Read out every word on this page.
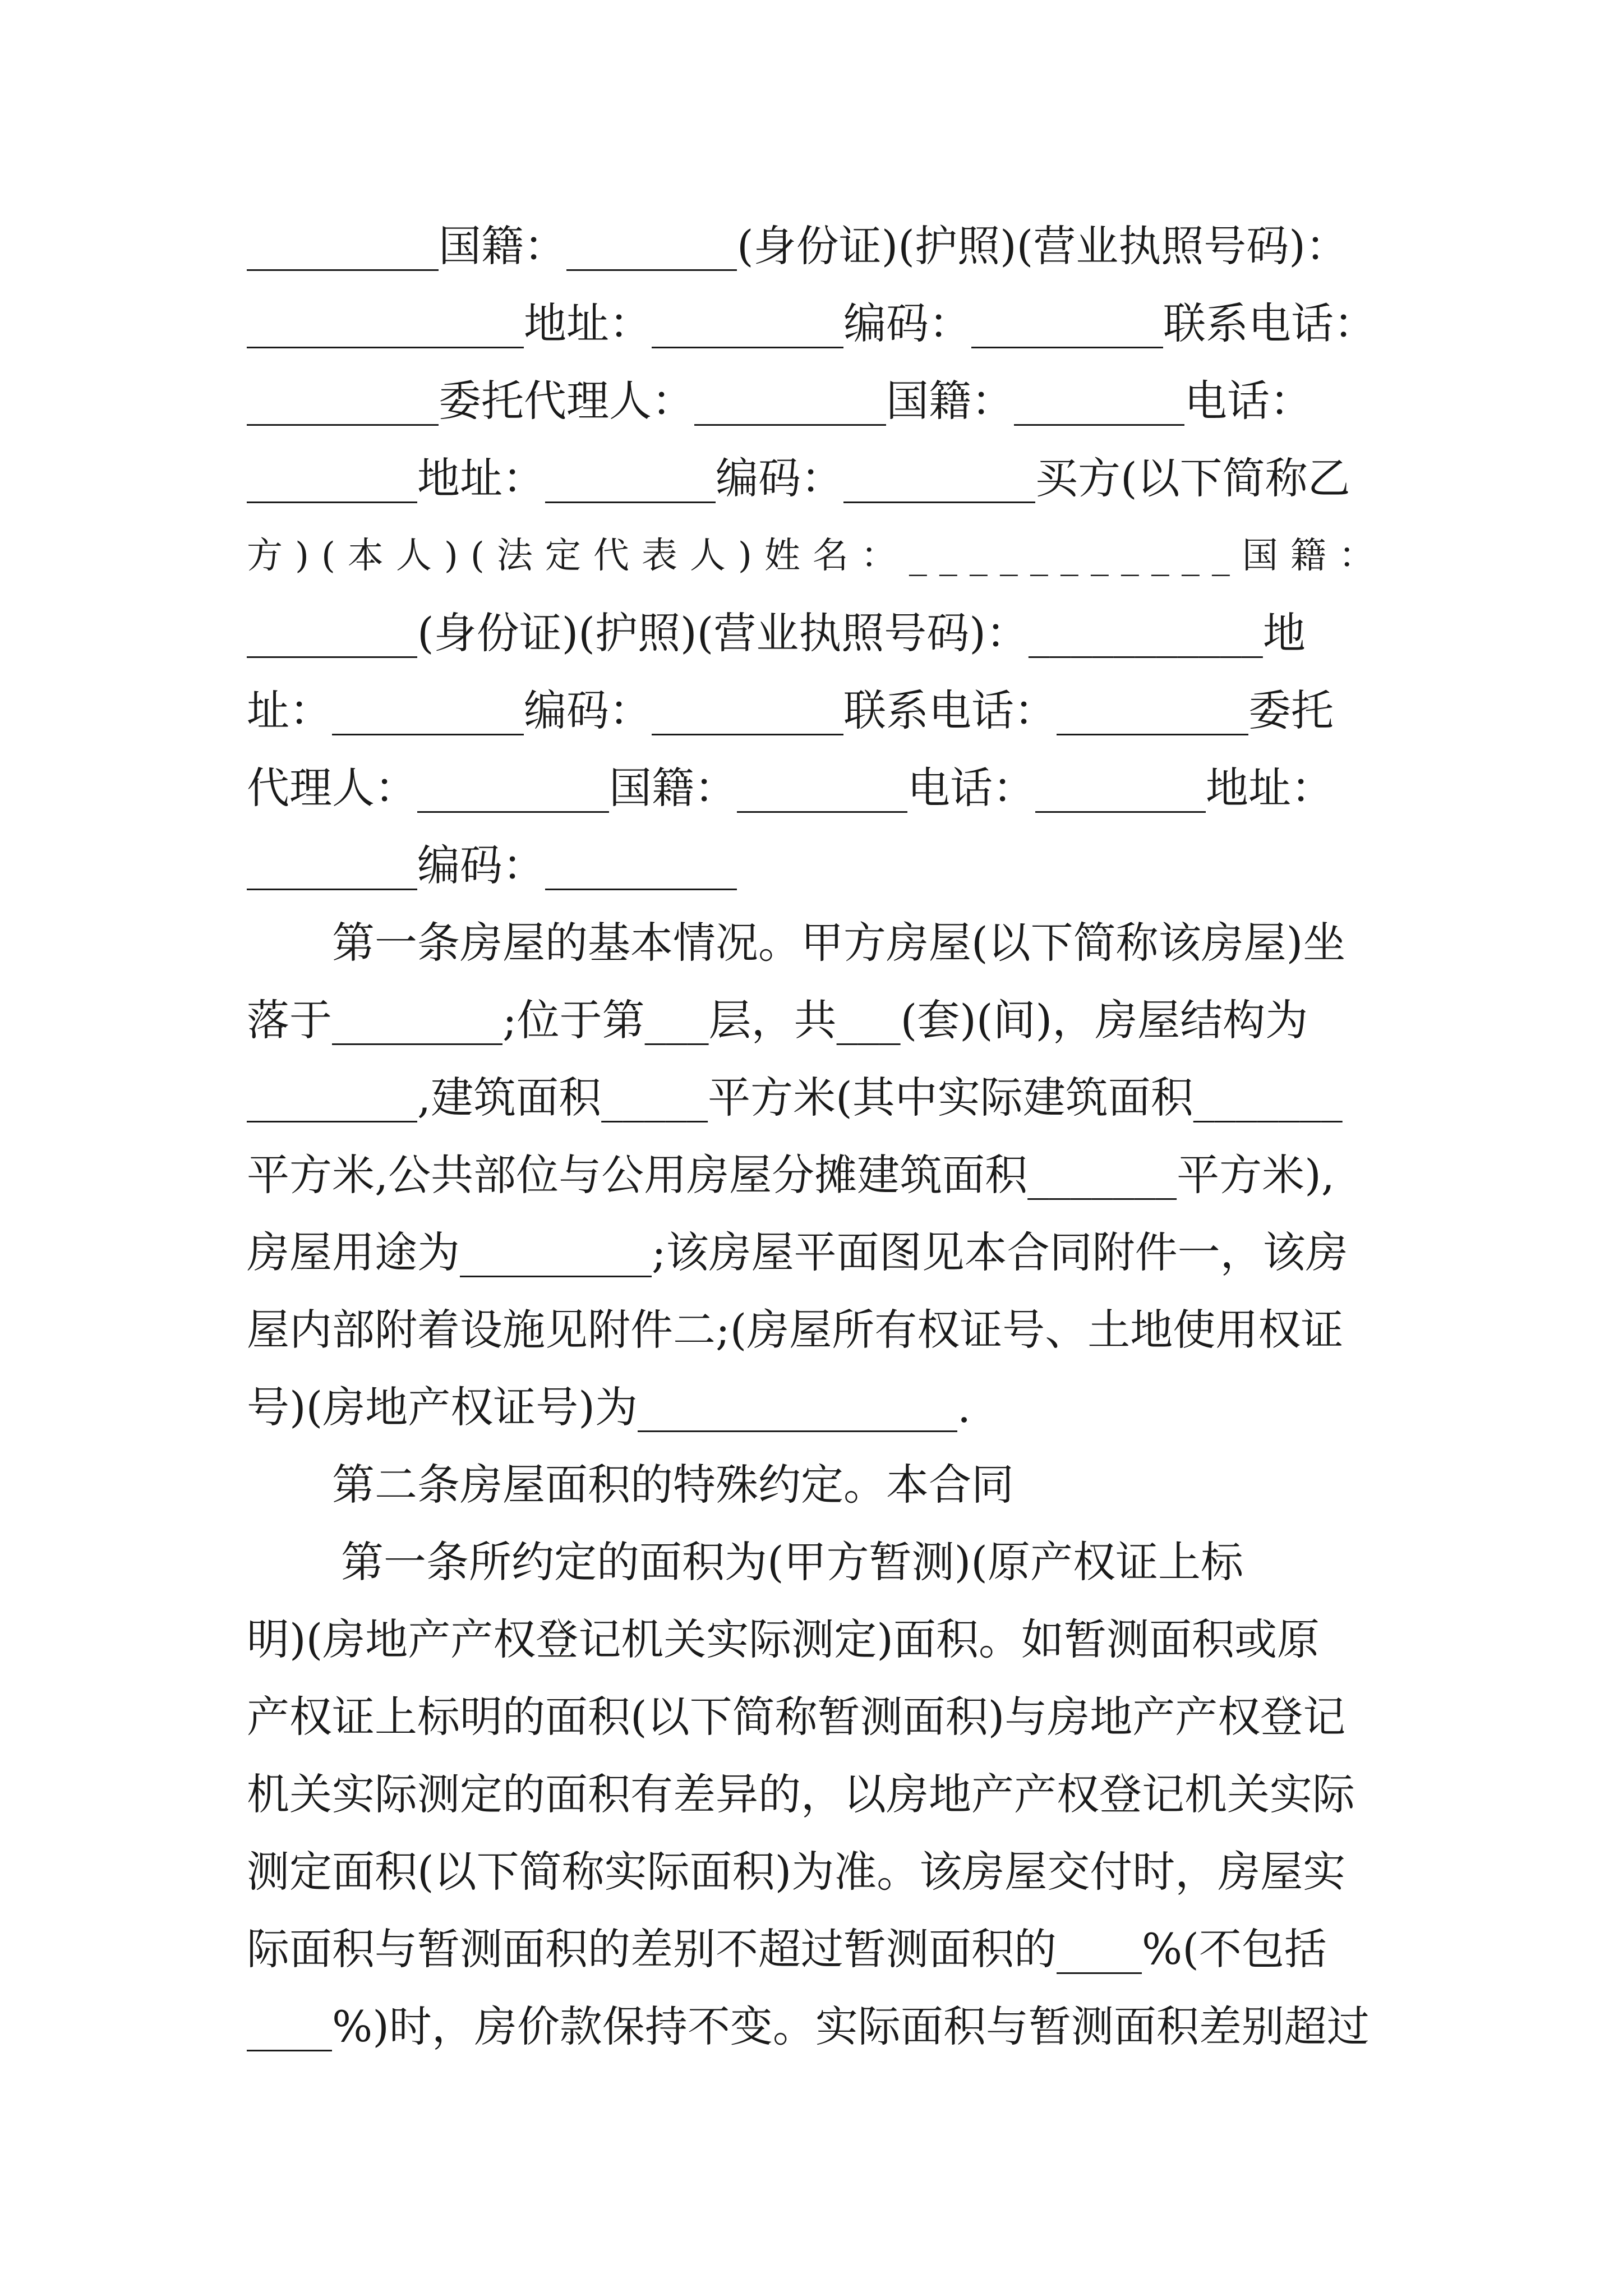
_________国籍：________(身份证)(护照)(营业执照号码)：
_____________地址：_________编码：_________联系电话：
_________委托代理人：_________国籍：________电话：
________地址：________编码：_________买方(以下简称乙
方)(本人)(法定代表人)姓名：___________国籍：
________(身份证)(护照)(营业执照号码)：___________地
址：_________编码：_________联系电话：_________委托
代理人：_________国籍：________电话：________地址：
________编码：_________
第一条房屋的基本情况。甲方房屋(以下简称该房屋)坐
落于________;位于第___层，共___(套)(间)，房屋结构为
________,建筑面积_____平方米(其中实际建筑面积_______
平方米,公共部位与公用房屋分摊建筑面积_______平方米),
房屋用途为_________;该房屋平面图见本合同附件一，该房
屋内部附着设施见附件二;(房屋所有权证号、土地使用权证
号)(房地产权证号)为_______________.
第二条房屋面积的特殊约定。本合同
第一条所约定的面积为(甲方暂测)(原产权证上标
明)(房地产产权登记机关实际测定)面积。如暂测面积或原
产权证上标明的面积(以下简称暂测面积)与房地产产权登记
机关实际测定的面积有差异的，以房地产产权登记机关实际
测定面积(以下简称实际面积)为准。该房屋交付时，房屋实
际面积与暂测面积的差别不超过暂测面积的____%(不包括
____%)时，房价款保持不变。实际面积与暂测面积差别超过
